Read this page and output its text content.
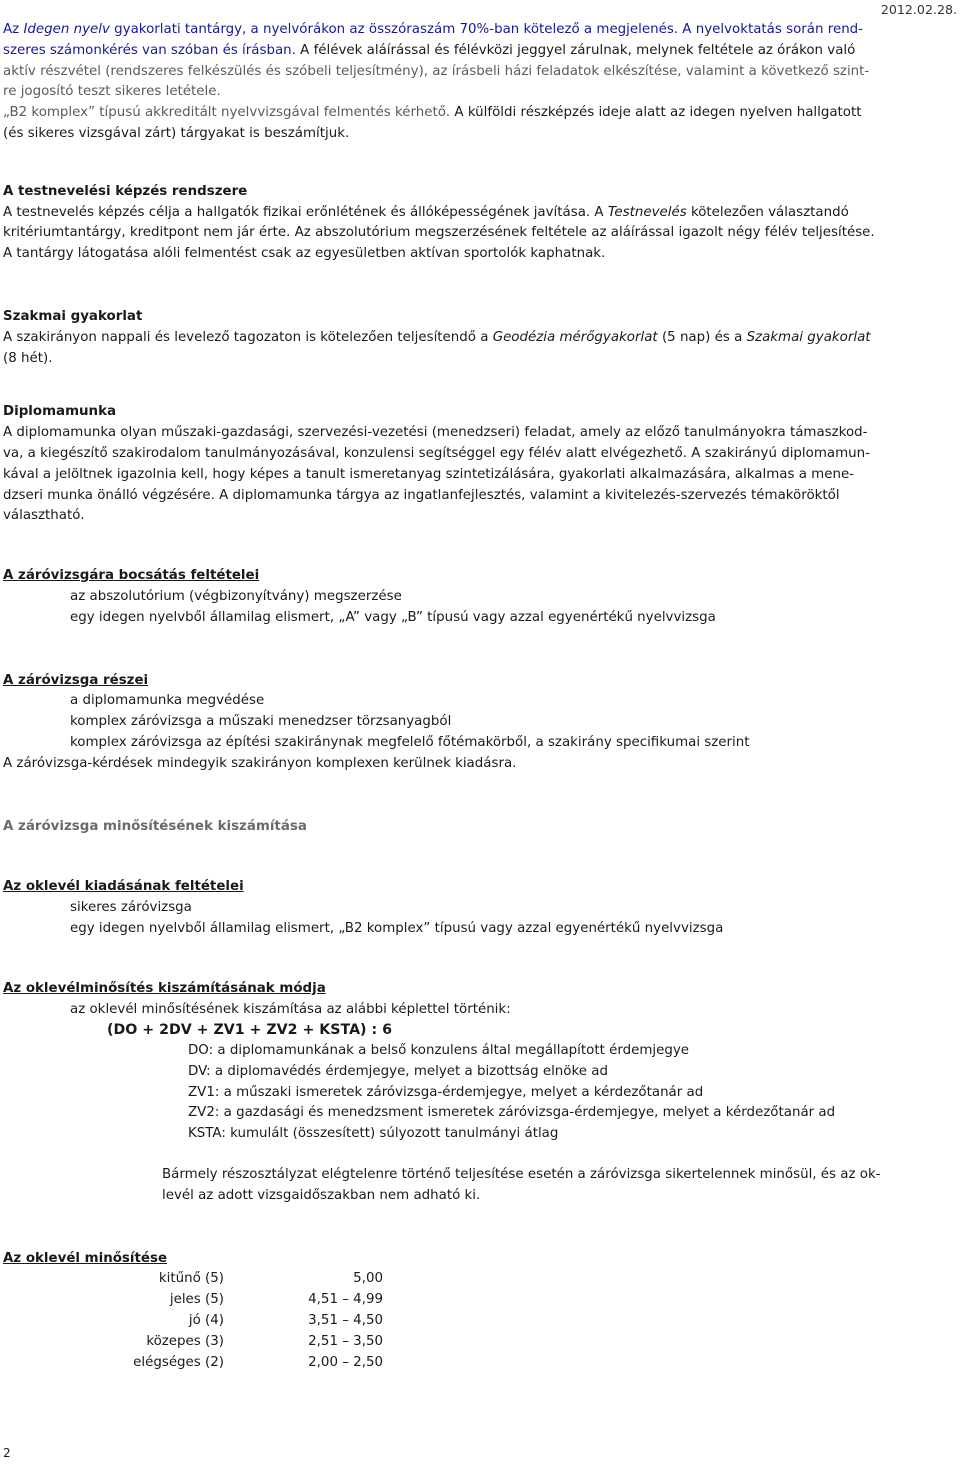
2012.02.28.

Az Idegen nyelv gyakorlati tantárgy, a nyelvórákon az összóraszám 70%-ban kötelező a megjelenés. A nyelvoktatás során rend-

szeres számonkérés van szóban és írásban. A félévek aláírással és félévközi jeggyel zárulnak, melynek feltétele az órákon való

aktív részvétel (rendszeres felkészülés és szóbeli teljesítmény), az írásbeli házi feladatok elkészítése, valamint a következő szint-

re jogosító teszt sikeres letétele.

„B2 komplex” típusú akkreditált nyelvvizsgával felmentés kérhető. A külföldi részképzés ideje alatt az idegen nyelven hallgatott

(és sikeres vizsgával zárt) tárgyakat is beszámítjuk.

A testnevelési képzés rendszere

A testnevelés képzés célja a hallgatók fizikai erőnlétének és állóképességének javítása. A Testnevelés kötelezően választandó

kritériumtantárgy, kreditpont nem jár érte. Az abszolutórium megszerzésének feltétele az aláírással igazolt négy félév teljesítése.

A tantárgy látogatása alóli felmentést csak az egyesületben aktívan sportolók kaphatnak.

Szakmai gyakorlat

A szakirányon nappali és levelező tagozaton is kötelezően teljesítendő a Geodézia mérőgyakorlat (5 nap) és a Szakmai gyakorlat

(8 hét).

Diplomamunka

A diplomamunka olyan műszaki-gazdasági, szervezési-vezetési (menedzseri) feladat, amely az előző tanulmányokra támaszkod-

va, a kiegészítő szakirodalom tanulmányozásával, konzulensi segítséggel egy félév alatt elvégezhető. A szakirányú diplomamun-

kával a jelöltnek igazolnia kell, hogy képes a tanult ismeretanyag szintetizálására, gyakorlati alkalmazására, alkalmas a mene-

dzseri munka önálló végzésére. A diplomamunka tárgya az ingatlanfejlesztés, valamint a kivitelezés-szervezés témaköröktől

választható.

A záróvizsgára bocsátás feltételei

az abszolutórium (végbizonyítvány) megszerzése

egy idegen nyelvből államilag elismert, „A” vagy „B” típusú vagy azzal egyenértékű nyelvvizsga

A záróvizsga részei

a diplomamunka megvédése

komplex záróvizsga a műszaki menedzser törzsanyagból

komplex záróvizsga az építési szakiránynak megfelelő főtémakörből, a szakirány specifikumai szerint

A záróvizsga-kérdések mindegyik szakirányon komplexen kerülnek kiadásra.

A záróvizsga minősítésének kiszámítása

Az oklevél kiadásának feltételei

sikeres záróvizsga

egy idegen nyelvből államilag elismert, „B2 komplex” típusú vagy azzal egyenértékű nyelvvizsga

Az oklevélminősítés kiszámításának módja

az oklevél minősítésének kiszámítása az alábbi képlettel történik:

(DO + 2DV + ZV1 + ZV2 + KSTA) : 6

DO: a diplomamunkának a belső konzulens által megállapított érdemjegye

DV: a diplomavédés érdemjegye, melyet a bizottság elnöke ad

ZV1: a műszaki ismeretek záróvizsga-érdemjegye, melyet a kérdezőtanár ad

ZV2: a gazdasági és menedzsment ismeretek záróvizsga-érdemjegye, melyet a kérdezőtanár ad

KSTA: kumulált (összesített) súlyozott tanulmányi átlag

Bármely részosztályzat elégtelenre történő teljesítése esetén a záróvizsga sikertelennek minősül, és az ok-

levél az adott vizsgaidőszakban nem adható ki.

Az oklevél minősítése

kitűnő (5)	5,00
jeles (5)	4,51 – 4,99
jó (4)	3,51 – 4,50
közepes (3)	2,51 – 3,50
elégséges (2)	2,00 – 2,50
2
